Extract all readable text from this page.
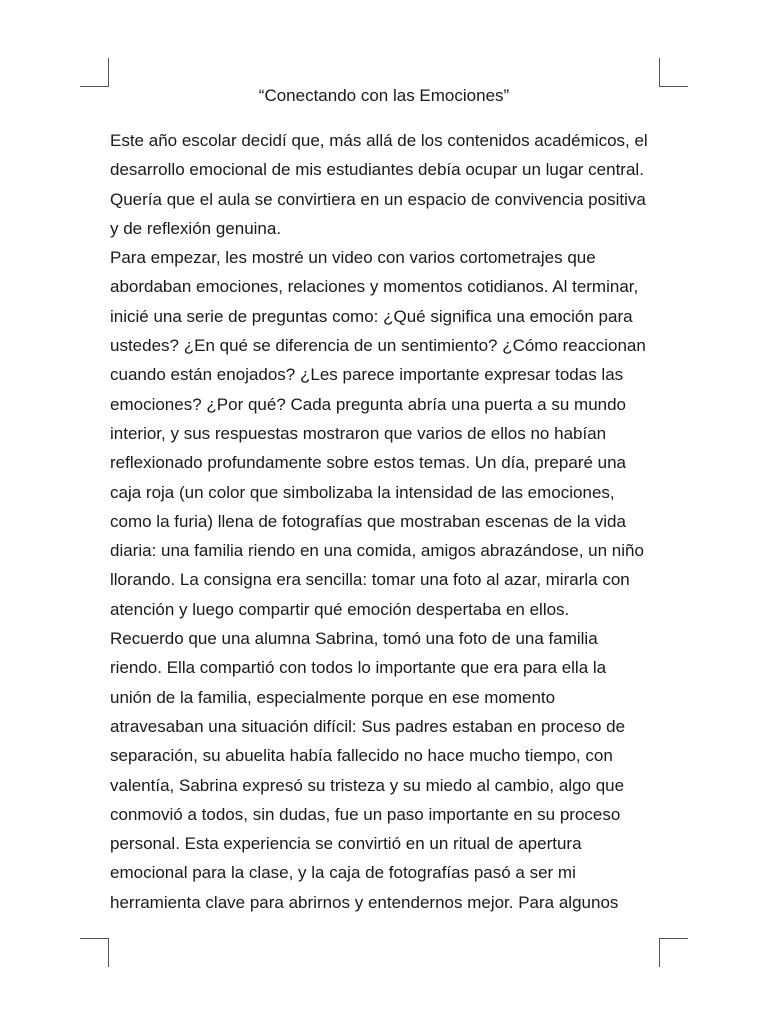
“Conectando con las Emociones”
Este año escolar decidí que, más allá de los contenidos académicos, el
desarrollo emocional de mis estudiantes debía ocupar un lugar central.
Quería que el aula se convirtiera en un espacio de convivencia positiva
y de reflexión genuina.
Para empezar, les mostré un video con varios cortometrajes que
abordaban emociones, relaciones y momentos cotidianos. Al terminar,
inicié una serie de preguntas como: ¿Qué significa una emoción para
ustedes? ¿En qué se diferencia de un sentimiento? ¿Cómo reaccionan
cuando están enojados? ¿Les parece importante expresar todas las
emociones? ¿Por qué? Cada pregunta abría una puerta a su mundo
interior, y sus respuestas mostraron que varios de ellos no habían
reflexionado profundamente sobre estos temas. Un día, preparé una
caja roja (un color que simbolizaba la intensidad de las emociones,
como la furia) llena de fotografías que mostraban escenas de la vida
diaria: una familia riendo en una comida, amigos abrazándose, un niño
llorando. La consigna era sencilla: tomar una foto al azar, mirarla con
atención y luego compartir qué emoción despertaba en ellos.
Recuerdo que una alumna Sabrina, tomó una foto de una familia
riendo. Ella compartió con todos lo importante que era para ella la
unión de la familia, especialmente porque en ese momento
atravesaban una situación difícil: Sus padres estaban en proceso de
separación, su abuelita había fallecido no hace mucho tiempo, con
valentía, Sabrina expresó su tristeza y su miedo al cambio, algo que
conmovió a todos, sin dudas, fue un paso importante en su proceso
personal. Esta experiencia se convirtió en un ritual de apertura
emocional para la clase, y la caja de fotografías pasó a ser mi
herramienta clave para abrirnos y entendernos mejor. Para algunos
